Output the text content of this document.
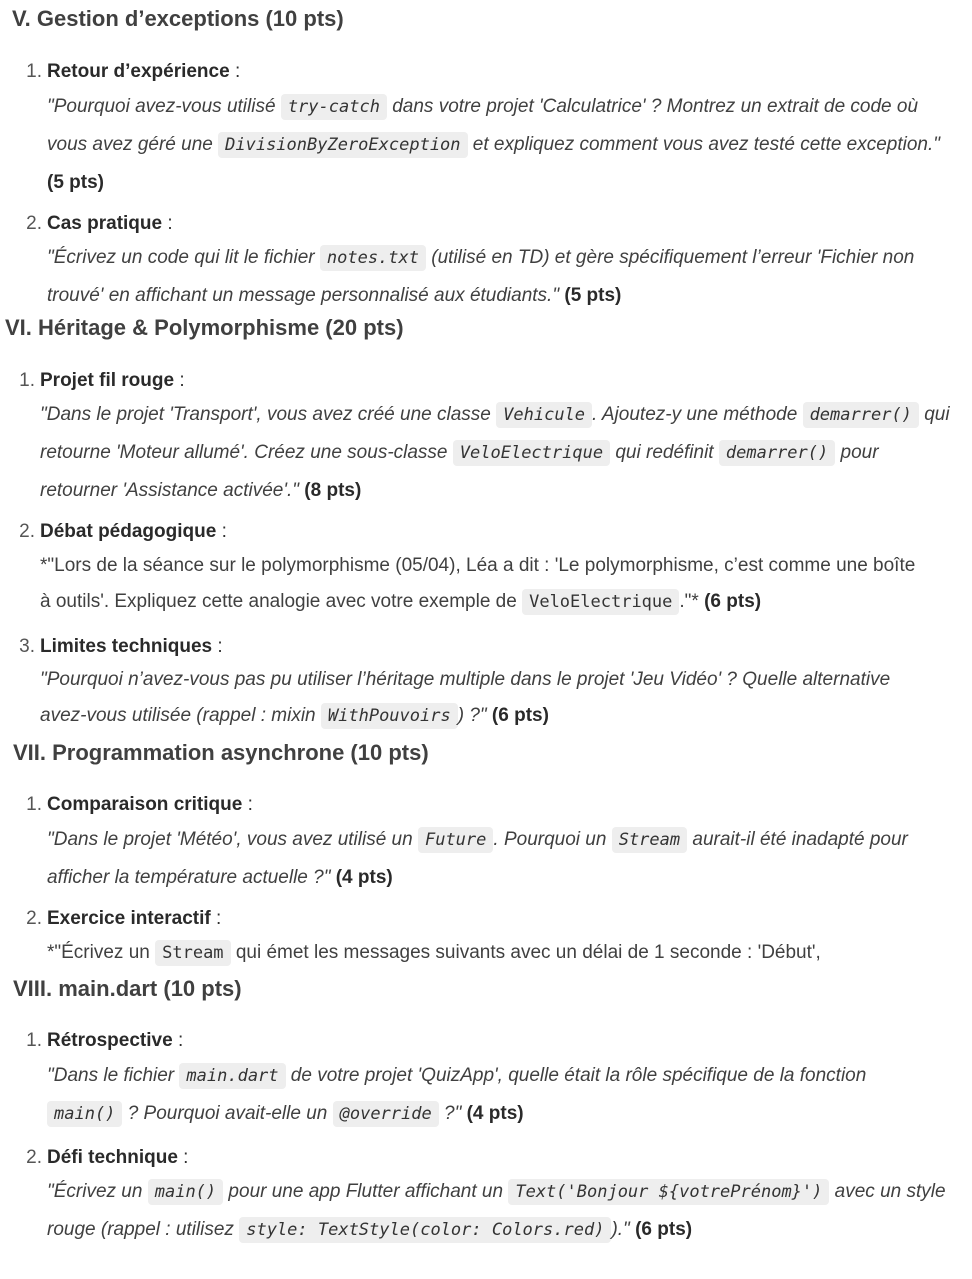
V. Gestion d’exceptions (10 pts)
1. Retour d’expérience :
"Pourquoi avez-vous utilisé try-catch dans votre projet 'Calculatrice' ? Montrez un extrait de code où vous avez géré une DivisionByZeroException et expliquez comment vous avez testé cette exception." (5 pts)
2. Cas pratique :
"Écrivez un code qui lit le fichier notes.txt (utilisé en TD) et gère spécifiquement l’erreur 'Fichier non trouvé' en affichant un message personnalisé aux étudiants." (5 pts)
VI. Héritage & Polymorphisme (20 pts)
1. Projet fil rouge :
"Dans le projet 'Transport', vous avez créé une classe Vehicule . Ajoutez-y une méthode demarrer() qui retourne 'Moteur allumé'. Créez une sous-classe VeloElectrique qui redéfinit demarrer() pour retourner 'Assistance activée'." (8 pts)
2. Débat pédagogique :
*"Lors de la séance sur le polymorphisme (05/04), Léa a dit : 'Le polymorphisme, c’est comme une boîte à outils'. Expliquez cette analogie avec votre exemple de VeloElectrique ."* (6 pts)
3. Limites techniques :
"Pourquoi n’avez-vous pas pu utiliser l’héritage multiple dans le projet 'Jeu Vidéo' ? Quelle alternative avez-vous utilisée (rappel : mixin WithPouvoirs ) ?" (6 pts)
VII. Programmation asynchrone (10 pts)
1. Comparaison critique :
"Dans le projet 'Météo', vous avez utilisé un Future . Pourquoi un Stream aurait-il été inadapté pour afficher la température actuelle ?" (4 pts)
2. Exercice interactif :
*"Écrivez un Stream qui émet les messages suivants avec un délai de 1 seconde : 'Début',
VIII. main.dart (10 pts)
1. Rétrospective :
"Dans le fichier main.dart de votre projet 'QuizApp', quelle était la rôle spécifique de la fonction main() ? Pourquoi avait-elle un @override ?" (4 pts)
2. Défi technique :
"Écrivez un main() pour une app Flutter affichant un Text('Bonjour ${votrePrénom}') avec un style rouge (rappel : utilisez style: TextStyle(color: Colors.red) )." (6 pts)
